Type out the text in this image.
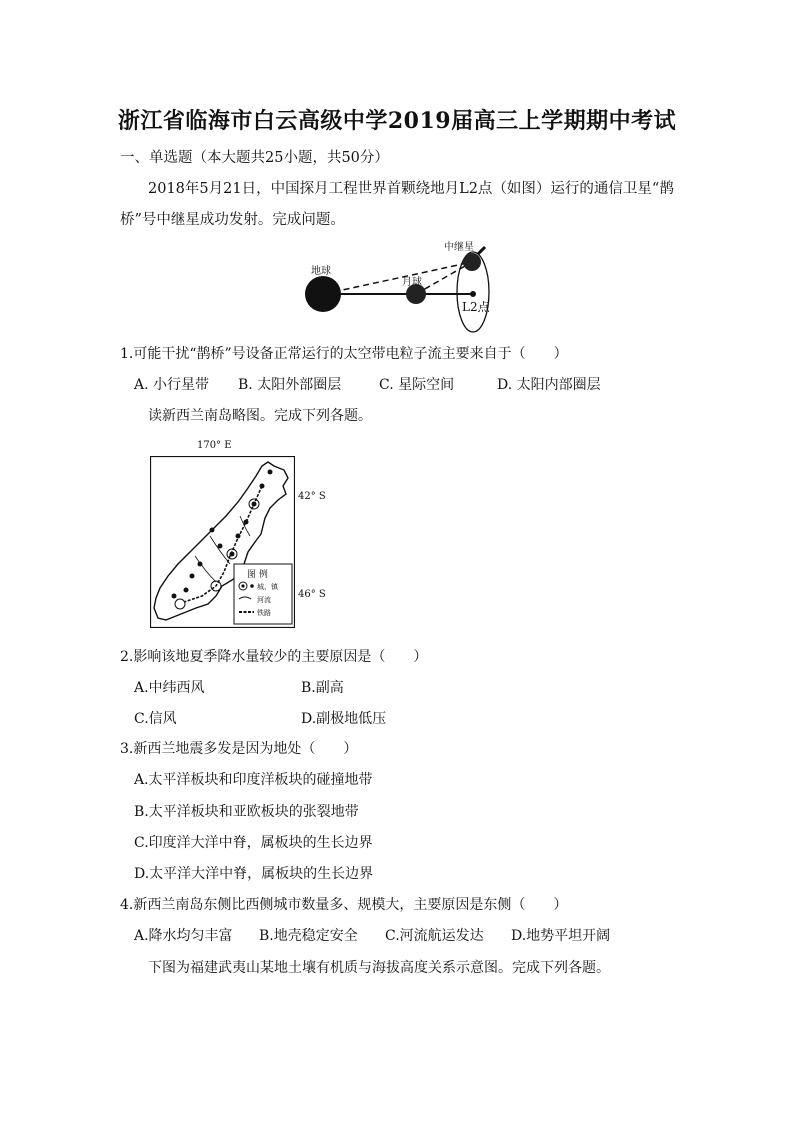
浙江省临海市白云高级中学2019届高三上学期期中考试
一、单选题（本大题共25小题，共50分）
2018年5月21日，中国探月工程世界首颗绕地月L2点（如图）运行的通信卫星“鹊
桥”号中继星成功发射。完成问题。
中继星
地球
月球
L2点
1.可能干扰“鹊桥”号设备正常运行的太空带电粒子流主要来自于（　　）
A. 小行星带 B. 太阳外部圈层	C. 星际空间	D. 太阳内部圈层
读新西兰南岛略图。完成下列各题。
170° E
图 例
城、镇
河流
铁路
42° S
46° S
2.影响该地夏季降水量较少的主要原因是（　　）
A.中纬西风	B.副高
C.信风	D.副极地低压
3.新西兰地震多发是因为地处（　　）
A.太平洋板块和印度洋板块的碰撞地带
B.太平洋板块和亚欧板块的张裂地带
C.印度洋大洋中脊，属板块的生长边界
D.太平洋大洋中脊，属板块的生长边界
4.新西兰南岛东侧比西侧城市数量多、规模大，主要原因是东侧（　　）
A.降水均匀丰富 B.地壳稳定安全 C.河流航运发达 D.地势平坦开阔
下图为福建武夷山某地土壤有机质与海拔高度关系示意图。完成下列各题。
